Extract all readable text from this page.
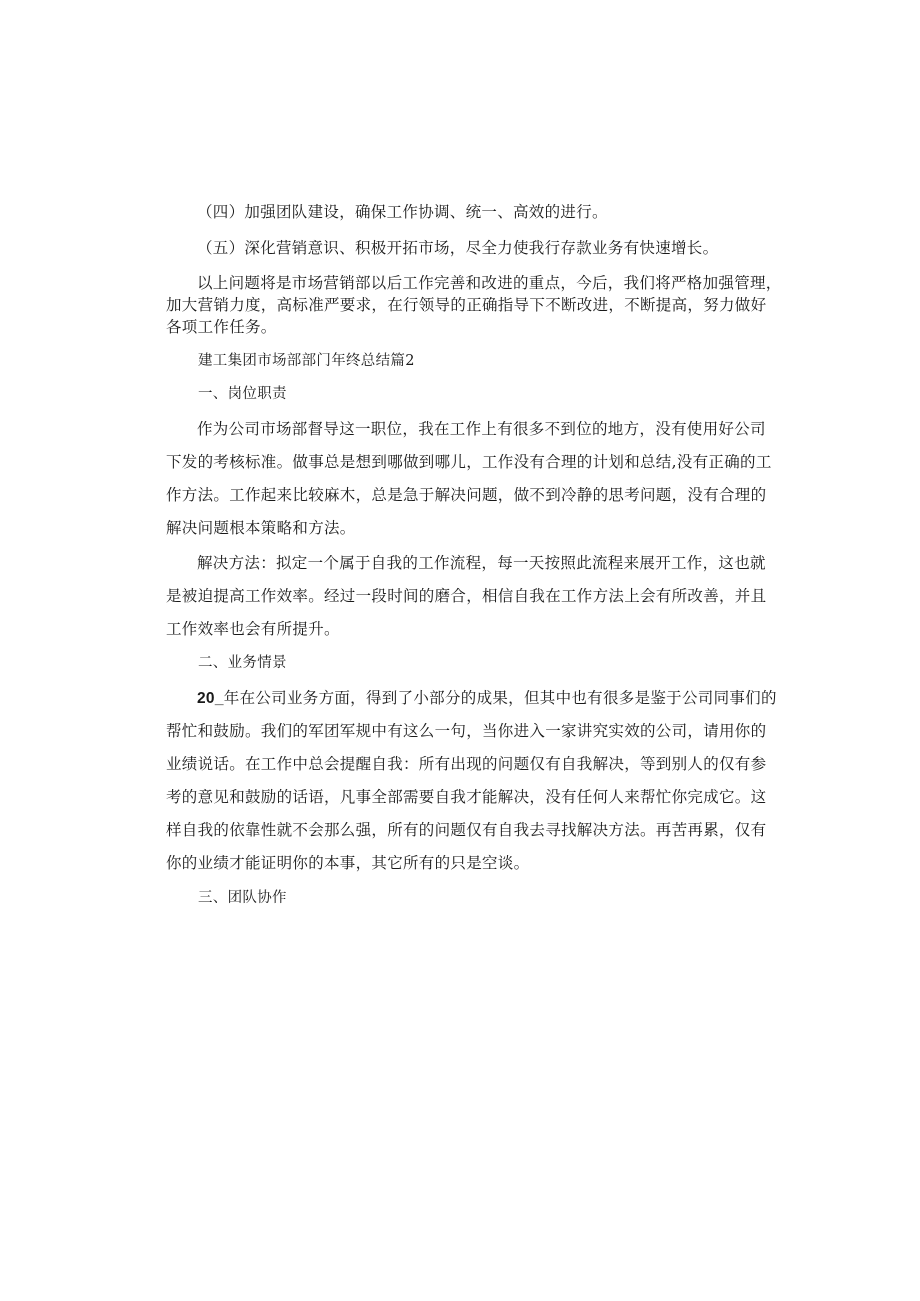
（四）加强团队建设，确保工作协调、统一、高效的进行。
（五）深化营销意识、积极开拓市场，尽全力使我行存款业务有快速增长。
以上问题将是市场营销部以后工作完善和改进的重点，今后，我们将严格加强管理，
加大营销力度，高标准严要求，在行领导的正确指导下不断改进，不断提高，努力做好
各项工作任务。
建工集团市场部部门年终总结篇2
一、岗位职责
作为公司市场部督导这一职位，我在工作上有很多不到位的地方，没有使用好公司
下发的考核标准。做事总是想到哪做到哪儿，工作没有合理的计划和总结,没有正确的工
作方法。工作起来比较麻木，总是急于解决问题，做不到冷静的思考问题，没有合理的
解决问题根本策略和方法。
解决方法：拟定一个属于自我的工作流程，每一天按照此流程来展开工作，这也就
是被迫提高工作效率。经过一段时间的磨合，相信自我在工作方法上会有所改善，并且
工作效率也会有所提升。
二、业务情景
20_年在公司业务方面，得到了小部分的成果，但其中也有很多是鉴于公司同事们的
帮忙和鼓励。我们的军团军规中有这么一句，当你进入一家讲究实效的公司，请用你的
业绩说话。在工作中总会提醒自我：所有出现的问题仅有自我解决，等到别人的仅有参
考的意见和鼓励的话语，凡事全部需要自我才能解决，没有任何人来帮忙你完成它。这
样自我的依靠性就不会那么强，所有的问题仅有自我去寻找解决方法。再苦再累，仅有
你的业绩才能证明你的本事，其它所有的只是空谈。
三、团队协作
